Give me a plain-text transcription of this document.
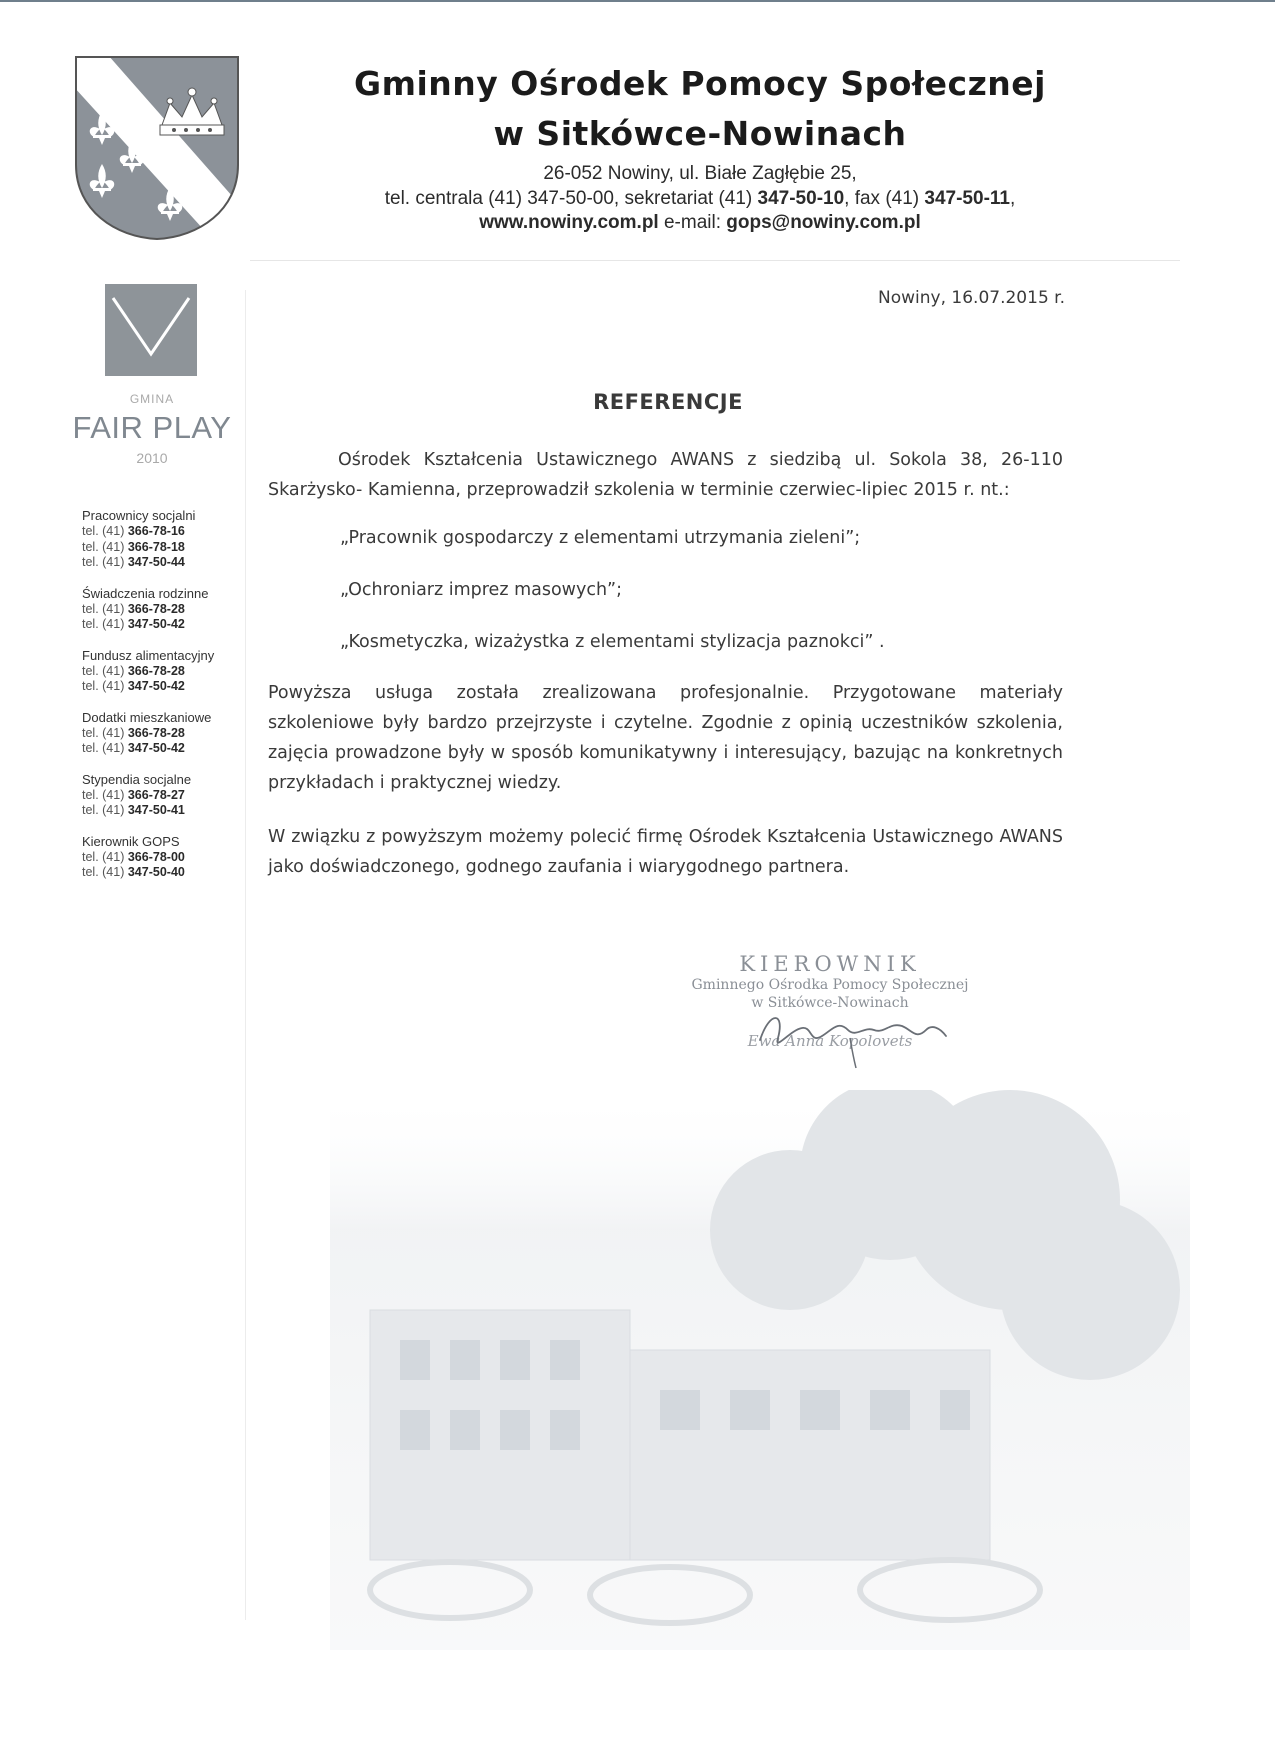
Gminny Ośrodek Pomocy Społecznej
w Sitkówce-Nowinach
26-052 Nowiny, ul. Białe Zagłębie 25,
tel. centrala (41) 347-50-00, sekretariat (41) 347-50-10, fax (41) 347-50-11,
www.nowiny.com.pl e-mail: gops@nowiny.com.pl
GMINA
FAIR PLAY
2010
Pracownicy socjalni
tel. (41) 366-78-16
tel. (41) 366-78-18
tel. (41) 347-50-44
Świadczenia rodzinne
tel. (41) 366-78-28
tel. (41) 347-50-42
Fundusz alimentacyjny
tel. (41) 366-78-28
tel. (41) 347-50-42
Dodatki mieszkaniowe
tel. (41) 366-78-28
tel. (41) 347-50-42
Stypendia socjalne
tel. (41) 366-78-27
tel. (41) 347-50-41
Kierownik GOPS
tel. (41) 366-78-00
tel. (41) 347-50-40
Nowiny, 16.07.2015 r.
REFERENCJE
Ośrodek Kształcenia Ustawicznego AWANS z siedzibą ul. Sokola 38, 26-110 Skarżysko- Kamienna, przeprowadził szkolenia w terminie czerwiec-lipiec 2015 r. nt.:
„Pracownik gospodarczy z elementami utrzymania zieleni”;
„Ochroniarz imprez masowych”;
„Kosmetyczka, wizażystka z elementami stylizacja paznokci” .
Powyższa usługa została zrealizowana profesjonalnie. Przygotowane materiały szkoleniowe były bardzo przejrzyste i czytelne. Zgodnie z opinią uczestników szkolenia, zajęcia prowadzone były w sposób komunikatywny i interesujący, bazując na konkretnych przykładach i praktycznej wiedzy.
W związku z powyższym możemy polecić firmę Ośrodek Kształcenia Ustawicznego AWANS jako doświadczonego, godnego zaufania i wiarygodnego partnera.
KIEROWNIK
Gminnego Ośrodka Pomocy Społecznej
w Sitkówce-Nowinach
Ewa Anna Kopolovets
